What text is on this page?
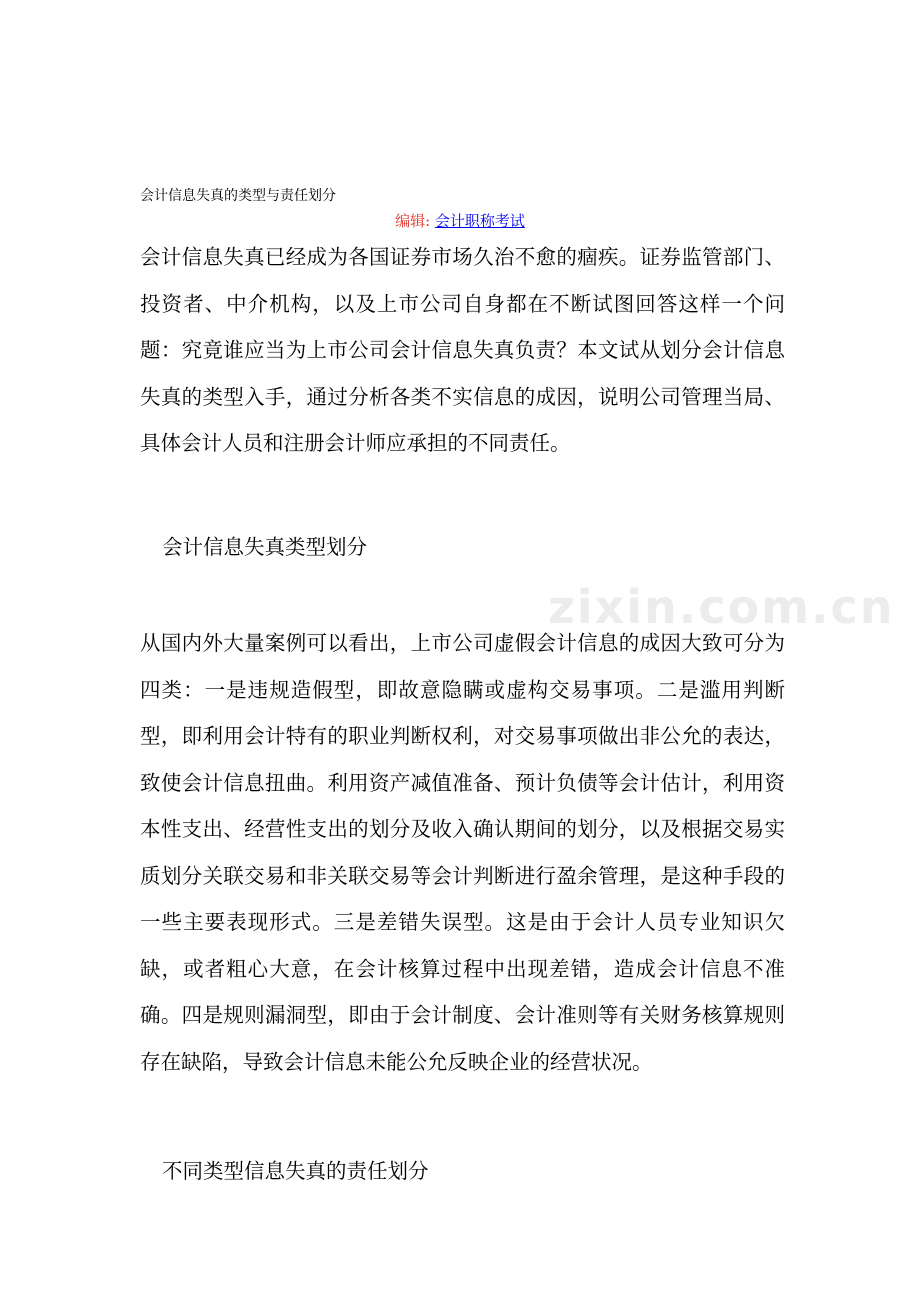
zixin.com.cn
会计信息失真的类型与责任划分
编辑: 会计职称考试

会计信息失真已经成为各国证券市场久治不愈的痼疾。证券监管部门、投资者、中介机构，以及上市公司自身都在不断试图回答这样一个问题：究竟谁应当为上市公司会计信息失真负责？本文试从划分会计信息失真的类型入手，通过分析各类不实信息的成因，说明公司管理当局、具体会计人员和注册会计师应承担的不同责任。

会计信息失真类型划分

从国内外大量案例可以看出，上市公司虚假会计信息的成因大致可分为四类：一是违规造假型，即故意隐瞒或虚构交易事项。二是滥用判断型，即利用会计特有的职业判断权利，对交易事项做出非公允的表达，致使会计信息扭曲。利用资产减值准备、预计负债等会计估计，利用资本性支出、经营性支出的划分及收入确认期间的划分，以及根据交易实质划分关联交易和非关联交易等会计判断进行盈余管理，是这种手段的一些主要表现形式。三是差错失误型。这是由于会计人员专业知识欠缺，或者粗心大意，在会计核算过程中出现差错，造成会计信息不准确。四是规则漏洞型，即由于会计制度、会计准则等有关财务核算规则存在缺陷，导致会计信息未能公允反映企业的经营状况。

不同类型信息失真的责任划分
